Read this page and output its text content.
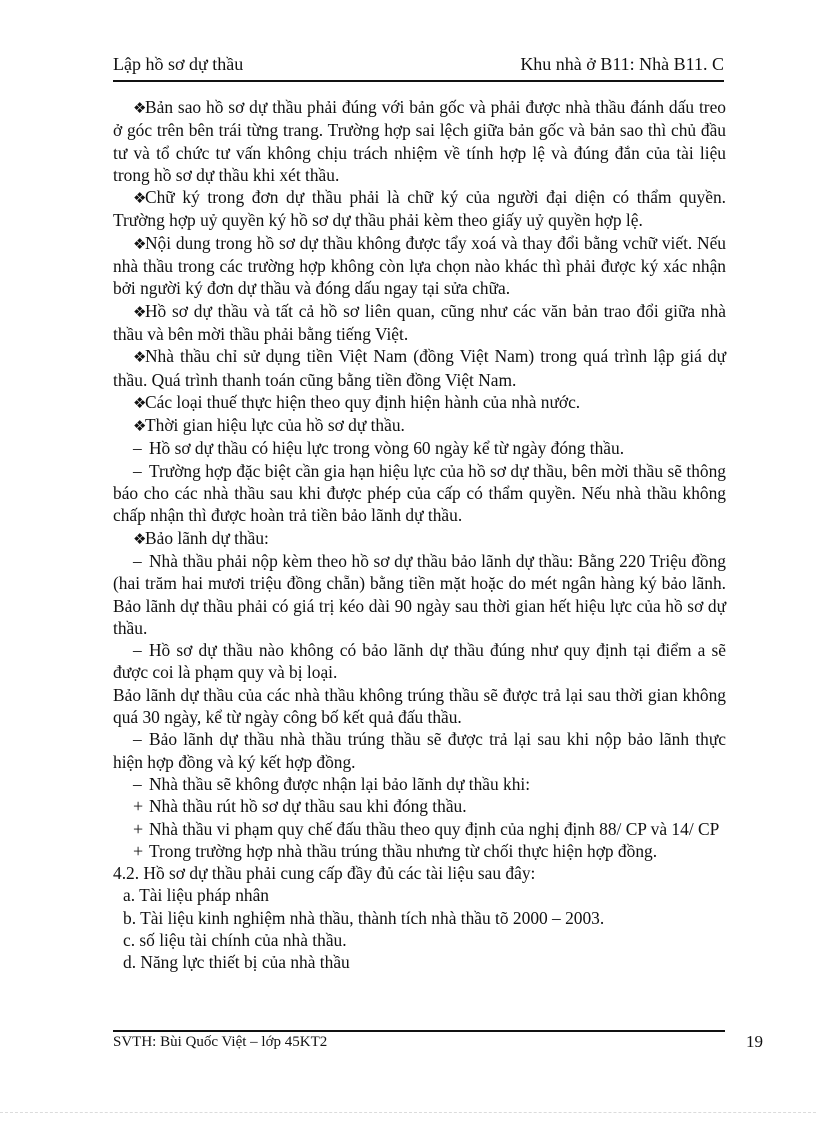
Lập hồ sơ dự thầu	Khu nhà ở B11: Nhà B11. C

❖Bản sao hồ sơ dự thầu phải đúng với bản gốc và phải được nhà thầu đánh dấu treo ở góc trên bên trái từng trang. Trường hợp sai lệch giữa bản gốc và bản sao thì chủ đầu tư và tổ chức tư vấn không chịu trách nhiệm về tính hợp lệ và đúng đắn của tài liệu trong hồ sơ dự thầu khi xét thầu.

❖Chữ ký trong đơn dự thầu phải là chữ ký của người đại diện có thẩm quyền. Trường hợp uỷ quyền ký hồ sơ dự thầu phải kèm theo giấy uỷ quyền hợp lệ.

❖Nội dung trong hồ sơ dự thầu không được tẩy xoá và thay đổi bằng vchữ viết. Nếu nhà thầu trong các trường hợp không còn lựa chọn nào khác thì phải được ký xác nhận bởi người ký đơn dự thầu và đóng dấu ngay tại sửa chữa.

❖Hồ sơ dự thầu và tất cả hồ sơ liên quan, cũng như các văn bản trao đổi giữa nhà thầu và bên mời thầu phải bằng tiếng Việt.

❖Nhà thầu chỉ sử dụng tiền Việt Nam (đồng Việt Nam) trong quá trình lập giá dự thầu. Quá trình thanh toán cũng bằng tiền đồng Việt Nam.

❖Các loại thuế thực hiện theo quy định hiện hành của nhà nước.

❖Thời gian hiệu lực của hồ sơ dự thầu.

– Hồ sơ dự thầu có hiệu lực trong vòng 60 ngày kể từ ngày đóng thầu.

– Trường hợp đặc biệt cần gia hạn hiệu lực của hồ sơ dự thầu, bên mời thầu sẽ thông báo cho các nhà thầu sau khi được phép của cấp có thẩm quyền. Nếu nhà thầu không chấp nhận thì được hoàn trả tiền bảo lãnh dự thầu.

❖Bảo lãnh dự thầu:

– Nhà thầu phải nộp kèm theo hồ sơ dự thầu bảo lãnh dự thầu: Bằng 220 Triệu đồng (hai trăm hai mươi triệu đồng chẵn) bằng tiền mặt hoặc do mét ngân hàng ký bảo lãnh. Bảo lãnh dự thầu phải có giá trị kéo dài 90 ngày sau thời gian hết hiệu lực của hồ sơ dự thầu.

– Hồ sơ dự thầu nào không có bảo lãnh dự thầu đúng như quy định tại điểm a sẽ được coi là phạm quy và bị loại.

Bảo lãnh dự thầu của các nhà thầu không trúng thầu sẽ được trả lại sau thời gian không quá 30 ngày, kể từ ngày công bố kết quả đấu thầu.

– Bảo lãnh dự thầu nhà thầu trúng thầu sẽ được trả lại sau khi nộp bảo lãnh thực hiện hợp đồng và ký kết hợp đồng.

– Nhà thầu sẽ không được nhận lại bảo lãnh dự thầu khi:

+ Nhà thầu rút hồ sơ dự thầu sau khi đóng thầu.

+ Nhà thầu vi phạm quy chế đấu thầu theo quy định của nghị định 88/ CP và 14/ CP

+ Trong trường hợp nhà thầu trúng thầu nhưng từ chối thực hiện hợp đồng.

4.2. Hồ sơ dự thầu phải cung cấp đầy đủ các tài liệu sau đây:

a. Tài liệu pháp nhân

b. Tài liệu kinh nghiệm nhà thầu, thành tích nhà thầu tõ 2000 – 2003.

c. số liệu tài chính của nhà thầu.

d. Năng lực thiết bị của nhà thầu

SVTH: Bùi Quốc Việt – lớp 45KT2	19
